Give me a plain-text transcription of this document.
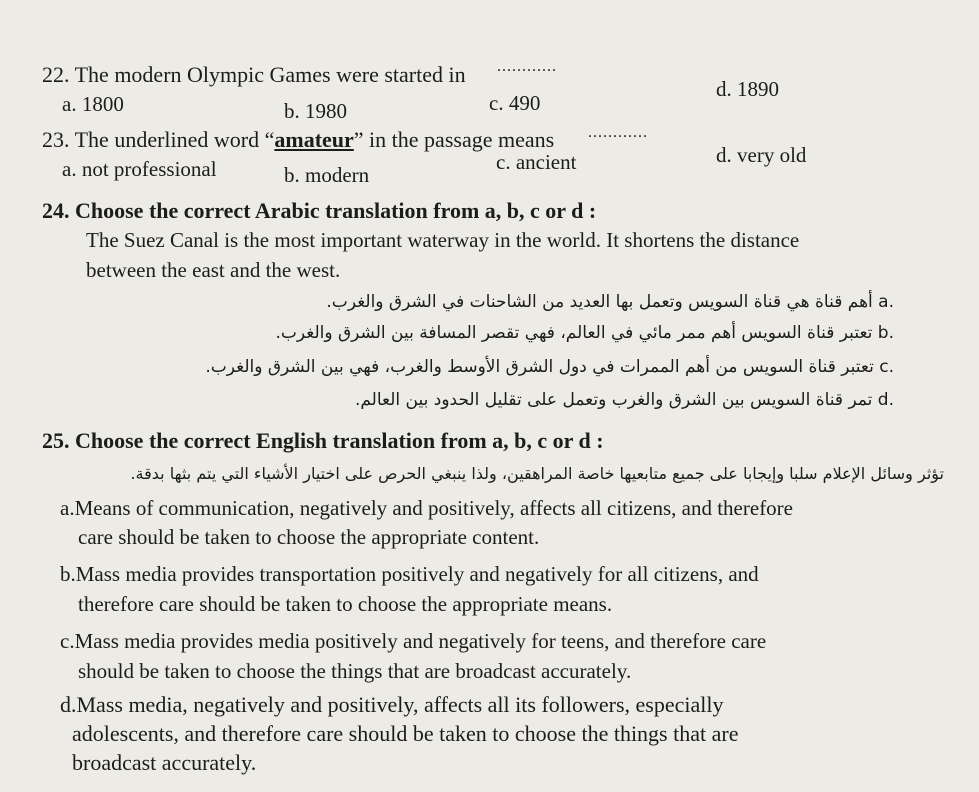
22. The modern Olympic Games were started in ............
a. 1800	b. 1980	c. 490
d. 1890
23. The underlined word “amateur” in the passage means ............
a. not professional	b. modern
c. ancient	d. very old
24. Choose the correct Arabic translation from a, b, c or d :
The Suez Canal is the most important waterway in the world. It shortens the distance
between the east and the west.
.a أهم قناة هي قناة السويس وتعمل بها العديد من الشاحنات في الشرق والغرب.
.b تعتبر قناة السويس أهم ممر مائي في العالم، فهي تقصر المسافة بين الشرق والغرب.
.c تعتبر قناة السويس من أهم الممرات في دول الشرق الأوسط والغرب، فهي بين الشرق والغرب.
.d تمر قناة السويس بين الشرق والغرب وتعمل على تقليل الحدود بين العالم.
25. Choose the correct English translation from a, b, c or d :
تؤثر وسائل الإعلام سلبا وإيجابا على جميع متابعيها خاصة المراهقين، ولذا ينبغي الحرص على اختيار الأشياء التي يتم بثها بدقة.
a.Means of communication, negatively and positively, affects all citizens, and therefore
care should be taken to choose the appropriate content.
b.Mass media provides transportation positively and negatively for all citizens, and
therefore care should be taken to choose the appropriate means.
c.Mass media provides media positively and negatively for teens, and therefore care
should be taken to choose the things that are broadcast accurately.
d.Mass media, negatively and positively, affects all its followers, especially
adolescents, and therefore care should be taken to choose the things that are
broadcast accurately.
